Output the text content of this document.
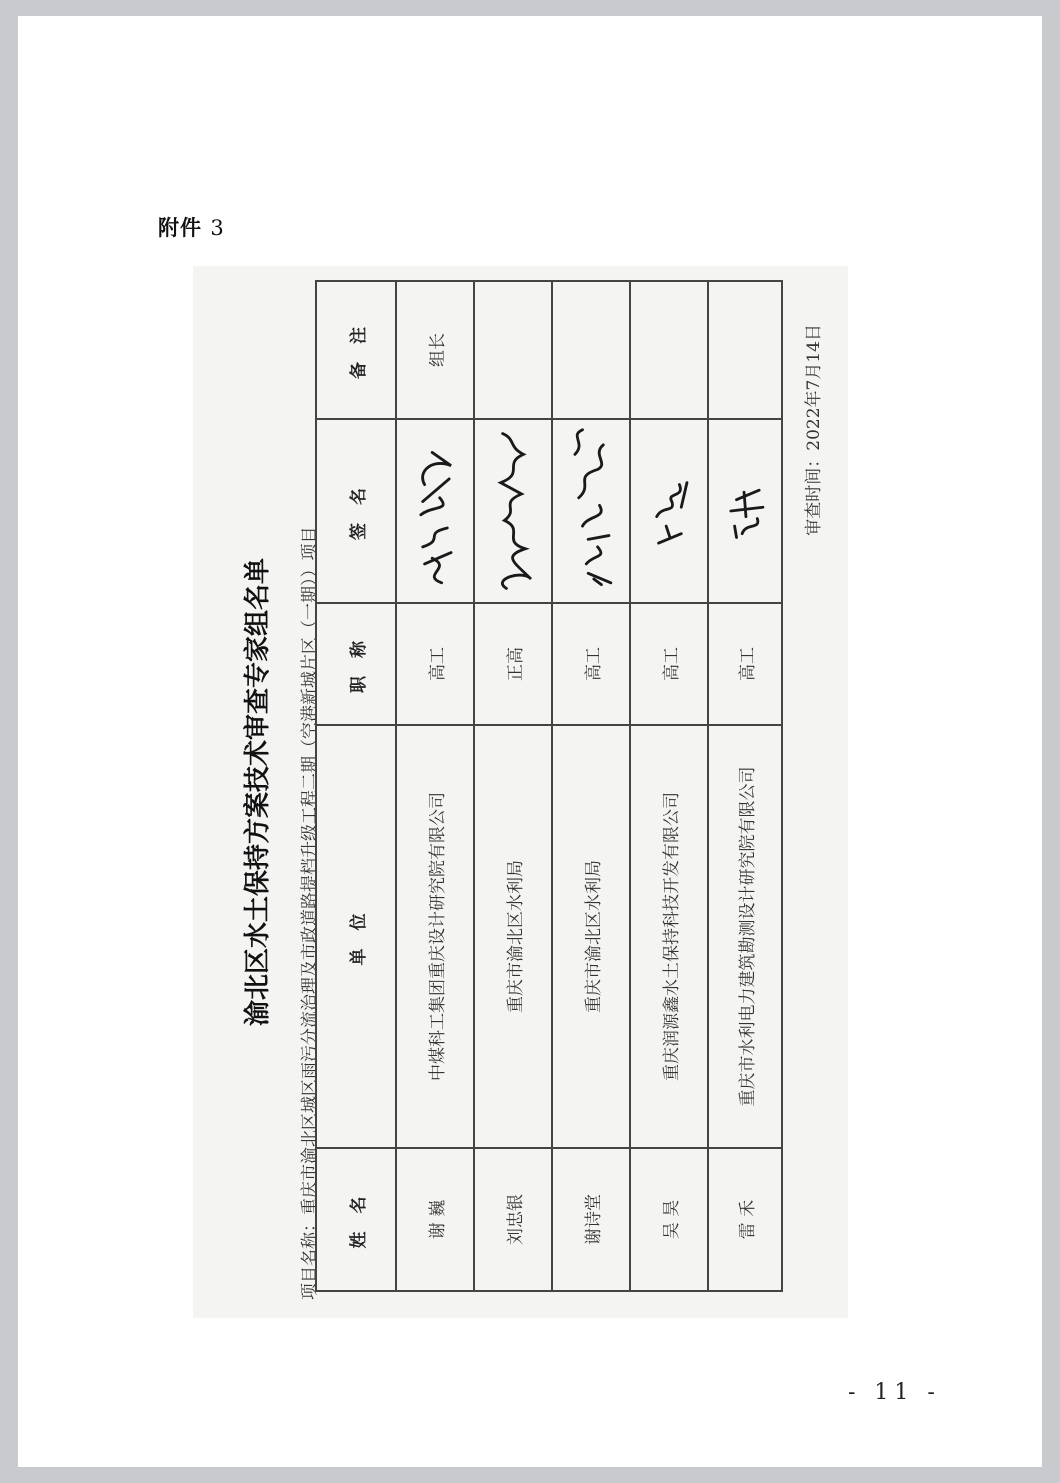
附件 3
渝北区水土保持方案技术审查专家组名单
项目名称：重庆市渝北区城区雨污分流治理及市政道路提档升级工程二期（空港新城片区（一期））项目
姓 名	单 位	职 称	签 名	备 注
谢 巍	中煤科工集团重庆设计研究院有限公司	高工		组长
刘忠银	重庆市渝北区水利局	正高	

谢诗堂	重庆市渝北区水利局	高工	

吴 昊	重庆润源鑫水土保持科技开发有限公司	高工	

雷 禾	重庆市水利电力建筑勘测设计研究院有限公司	高工	

审查时间：2022年7月14日
- 11 -
